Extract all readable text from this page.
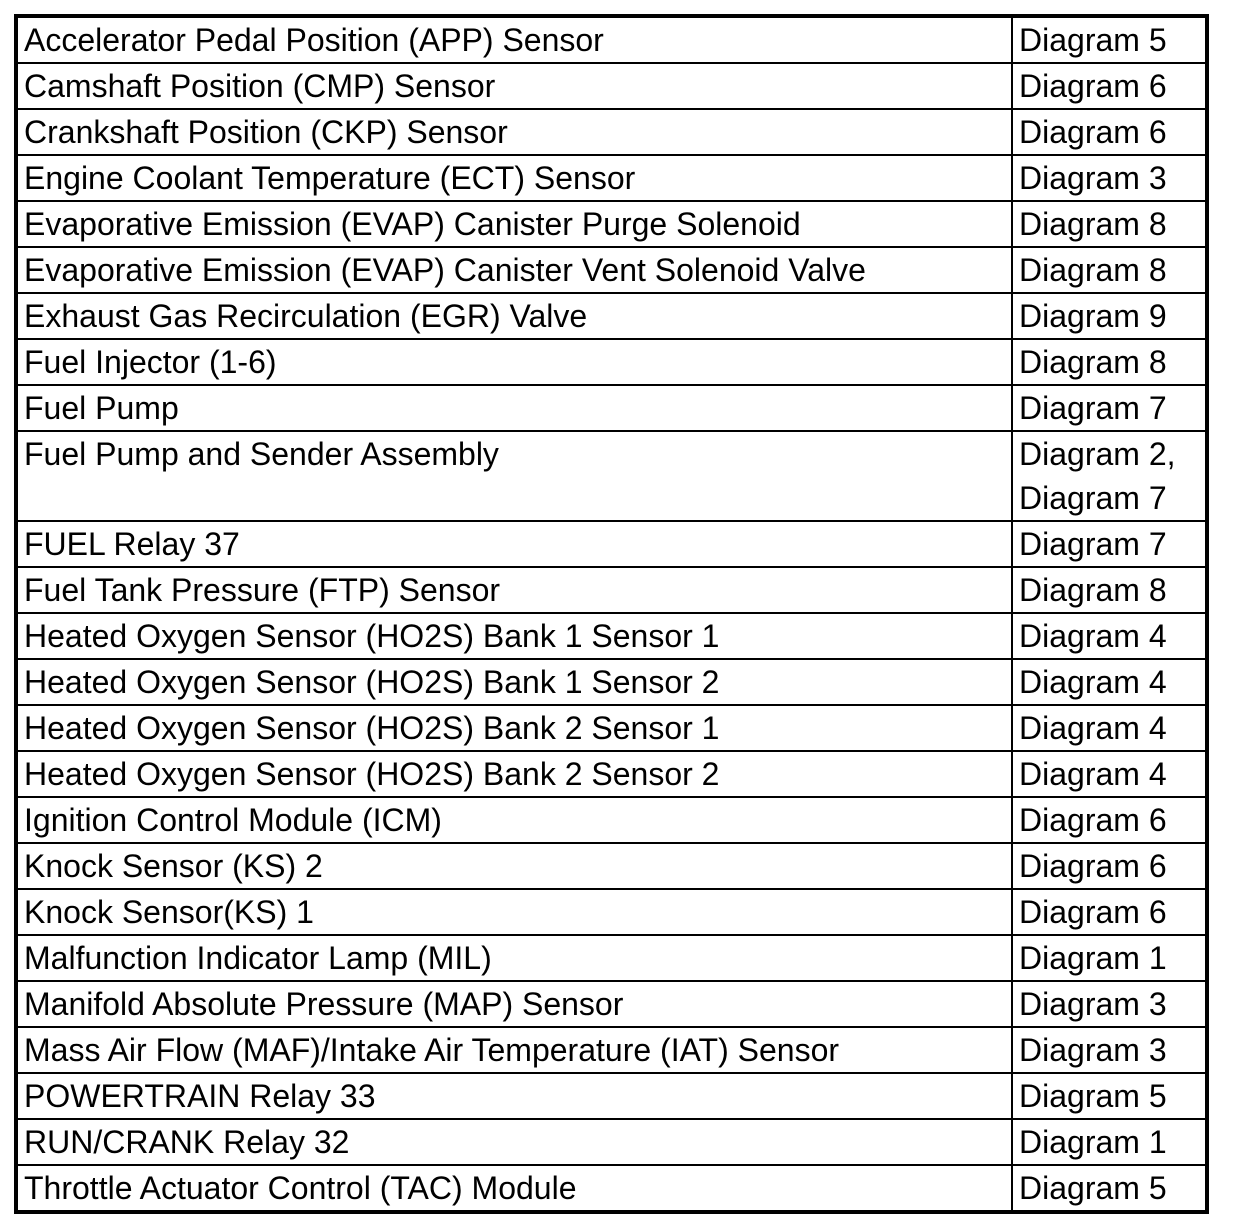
Accelerator Pedal Position (APP) Sensor	Diagram 5

Camshaft Position (CMP) Sensor	Diagram 6

Crankshaft Position (CKP) Sensor	Diagram 6

Engine Coolant Temperature (ECT) Sensor	Diagram 3

Evaporative Emission (EVAP) Canister Purge Solenoid	Diagram 8

Evaporative Emission (EVAP) Canister Vent Solenoid Valve	Diagram 8

Exhaust Gas Recirculation (EGR) Valve	Diagram 9

Fuel Injector (1-6)	Diagram 8

Fuel Pump	Diagram 7

Fuel Pump and Sender Assembly	Diagram 2,
Diagram 7

FUEL Relay 37	Diagram 7

Fuel Tank Pressure (FTP) Sensor	Diagram 8

Heated Oxygen Sensor (HO2S) Bank 1 Sensor 1	Diagram 4

Heated Oxygen Sensor (HO2S) Bank 1 Sensor 2	Diagram 4

Heated Oxygen Sensor (HO2S) Bank 2 Sensor 1	Diagram 4

Heated Oxygen Sensor (HO2S) Bank 2 Sensor 2	Diagram 4

Ignition Control Module (ICM)	Diagram 6

Knock Sensor (KS) 2	Diagram 6

Knock Sensor(KS) 1	Diagram 6

Malfunction Indicator Lamp (MIL)	Diagram 1

Manifold Absolute Pressure (MAP) Sensor	Diagram 3

Mass Air Flow (MAF)/Intake Air Temperature (IAT) Sensor	Diagram 3

POWERTRAIN Relay 33	Diagram 5

RUN/CRANK Relay 32	Diagram 1

Throttle Actuator Control (TAC) Module	Diagram 5
